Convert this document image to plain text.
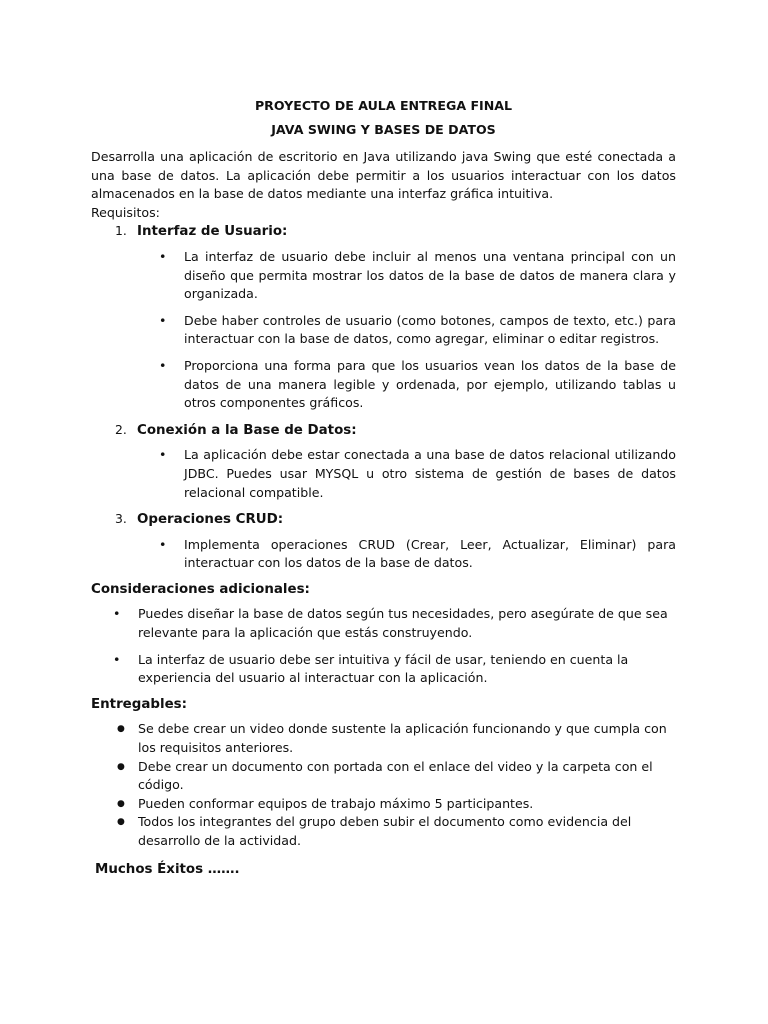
PROYECTO DE AULA ENTREGA FINAL
JAVA SWING Y BASES DE DATOS

Desarrolla una aplicación de escritorio en Java utilizando java Swing que esté conectada a una base de datos. La aplicación debe permitir a los usuarios interactuar con los datos almacenados en la base de datos mediante una interfaz gráfica intuitiva.

Requisitos:

1. Interfaz de Usuario:
• La interfaz de usuario debe incluir al menos una ventana principal con un diseño que permita mostrar los datos de la base de datos de manera clara y organizada.
• Debe haber controles de usuario (como botones, campos de texto, etc.) para interactuar con la base de datos, como agregar, eliminar o editar registros.
• Proporciona una forma para que los usuarios vean los datos de la base de datos de una manera legible y ordenada, por ejemplo, utilizando tablas u otros componentes gráficos.
2. Conexión a la Base de Datos:
• La aplicación debe estar conectada a una base de datos relacional utilizando JDBC. Puedes usar MYSQL u otro sistema de gestión de bases de datos relacional compatible.
3. Operaciones CRUD:
• Implementa operaciones CRUD (Crear, Leer, Actualizar, Eliminar) para interactuar con los datos de la base de datos.
Consideraciones adicionales:
• Puedes diseñar la base de datos según tus necesidades, pero asegúrate de que sea relevante para la aplicación que estás construyendo.
• La interfaz de usuario debe ser intuitiva y fácil de usar, teniendo en cuenta la experiencia del usuario al interactuar con la aplicación.
Entregables:
● Se debe crear un video donde sustente la aplicación funcionando y que cumpla con los requisitos anteriores.
● Debe crear un documento con portada con el enlace del video y la carpeta con el código.
● Pueden conformar equipos de trabajo máximo 5 participantes.
● Todos los integrantes del grupo deben subir el documento como evidencia del desarrollo de la actividad.
Muchos Éxitos …….
